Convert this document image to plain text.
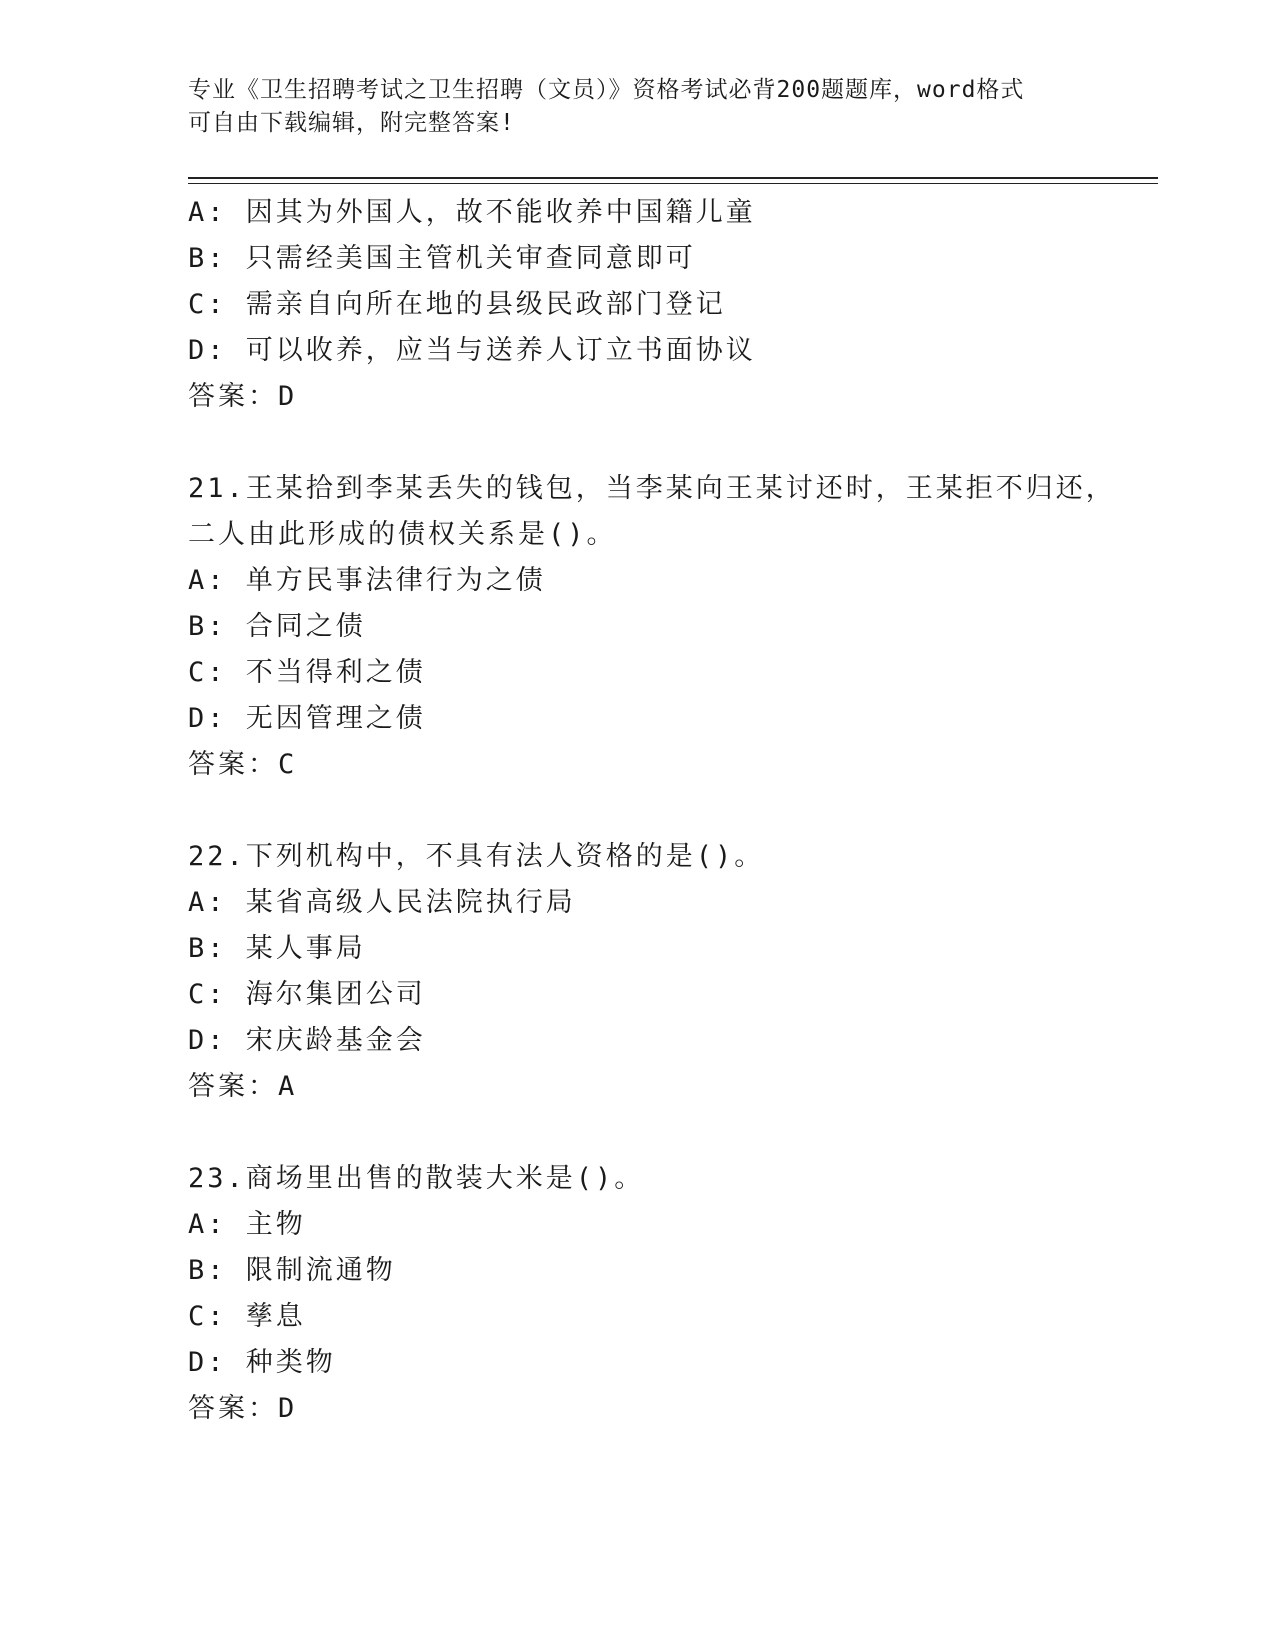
专业《卫生招聘考试之卫生招聘（文员）》资格考试必背200题题库，word格式
可自由下载编辑，附完整答案!
A: 因其为外国人，故不能收养中国籍儿童
B: 只需经美国主管机关审查同意即可
C: 需亲自向所在地的县级民政部门登记
D: 可以收养，应当与送养人订立书面协议
答案：D
21.王某拾到李某丢失的钱包，当李某向王某讨还时，王某拒不归还，
二人由此形成的债权关系是()。
A: 单方民事法律行为之债
B: 合同之债
C: 不当得利之债
D: 无因管理之债
答案：C
22.下列机构中，不具有法人资格的是()。
A: 某省高级人民法院执行局
B: 某人事局
C: 海尔集团公司
D: 宋庆龄基金会
答案：A
23.商场里出售的散装大米是()。
A: 主物
B: 限制流通物
C: 孳息
D: 种类物
答案：D
